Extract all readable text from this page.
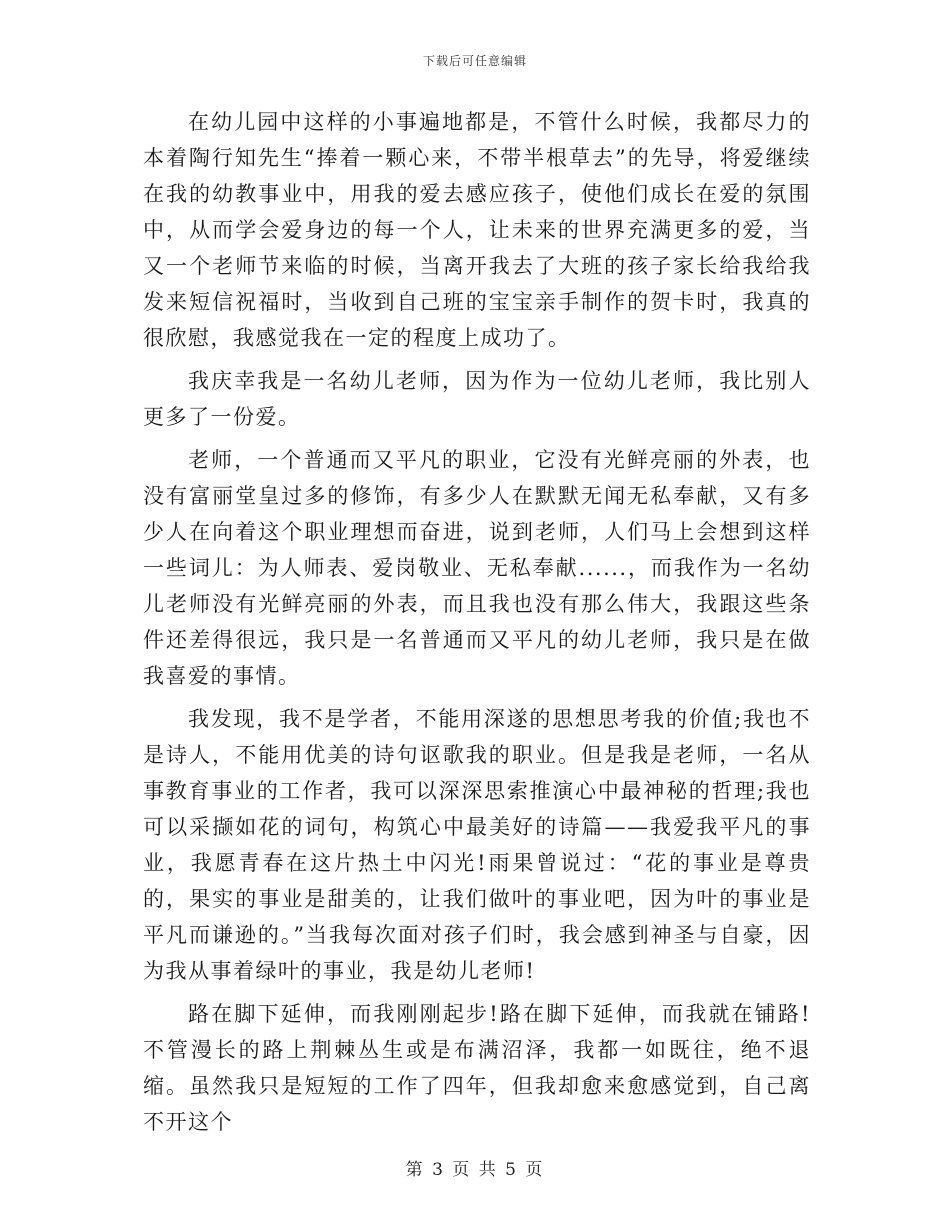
下载后可任意编辑

在幼儿园中这样的小事遍地都是，不管什么时候，我都尽力的本着陶行知先生“捧着一颗心来，不带半根草去”的先导，将爱继续在我的幼教事业中，用我的爱去感应孩子，使他们成长在爱的氛围中，从而学会爱身边的每一个人，让未来的世界充满更多的爱，当又一个老师节来临的时候，当离开我去了大班的孩子家长给我给我发来短信祝福时，当收到自己班的宝宝亲手制作的贺卡时，我真的很欣慰，我感觉我在一定的程度上成功了。

我庆幸我是一名幼儿老师，因为作为一位幼儿老师，我比别人更多了一份爱。

老师，一个普通而又平凡的职业，它没有光鲜亮丽的外表，也没有富丽堂皇过多的修饰，有多少人在默默无闻无私奉献，又有多少人在向着这个职业理想而奋进，说到老师，人们马上会想到这样一些词儿：为人师表、爱岗敬业、无私奉献......，而我作为一名幼儿老师没有光鲜亮丽的外表，而且我也没有那么伟大，我跟这些条件还差得很远，我只是一名普通而又平凡的幼儿老师，我只是在做我喜爱的事情。

我发现，我不是学者，不能用深遂的思想思考我的价值;我也不是诗人，不能用优美的诗句讴歌我的职业。但是我是老师，一名从事教育事业的工作者，我可以深深思索推演心中最神秘的哲理;我也可以采撷如花的词句，构筑心中最美好的诗篇——我爱我平凡的事业，我愿青春在这片热土中闪光!雨果曾说过：“花的事业是尊贵的，果实的事业是甜美的，让我们做叶的事业吧，因为叶的事业是平凡而谦逊的。”当我每次面对孩子们时，我会感到神圣与自豪，因为我从事着绿叶的事业，我是幼儿老师!

路在脚下延伸，而我刚刚起步!路在脚下延伸，而我就在铺路!不管漫长的路上荆棘丛生或是布满沼泽，我都一如既往，绝不退缩。虽然我只是短短的工作了四年，但我却愈来愈感觉到，自己离不开这个

第 3 页 共 5 页
